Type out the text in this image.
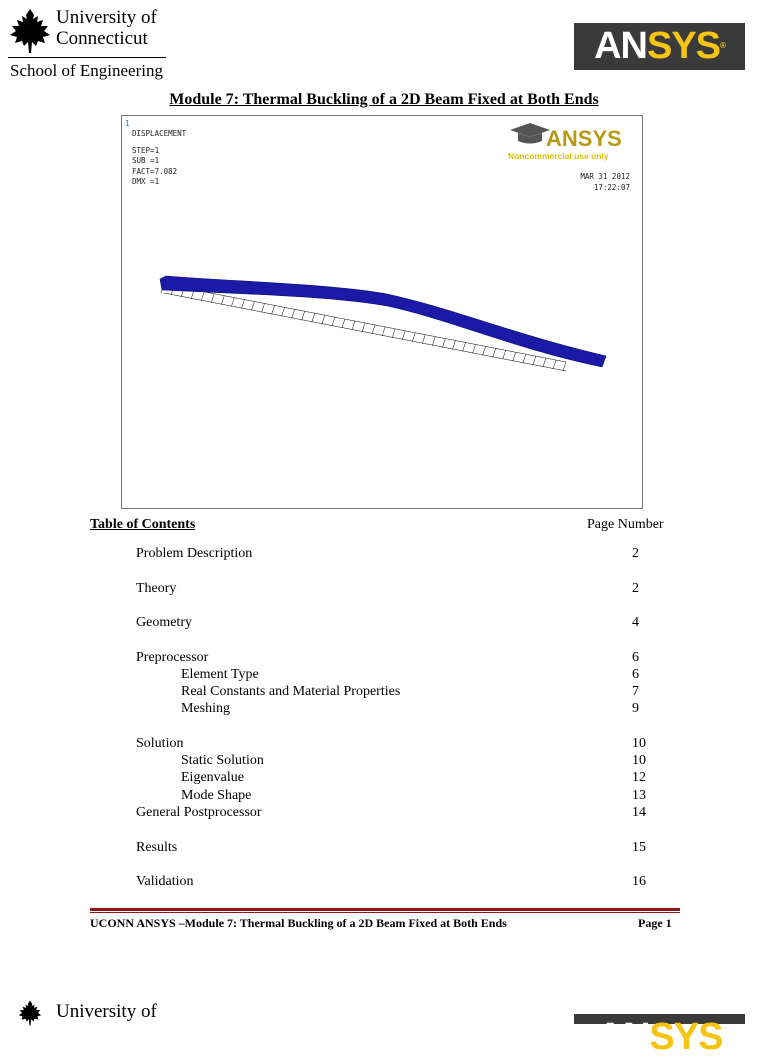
University of
Connecticut
School of Engineering
ANSYS®
Module 7: Thermal Buckling of a 2D Beam Fixed at Both Ends
1
DISPLACEMENT
STEP=1
SUB =1
FACT=7.082
DMX =1
ANSYS
Noncommercial use only
MAR 31 2012
17:22:07
Table of Contents	Page Number
Problem Description	2
Theory	2
Geometry	4
Preprocessor	6
Element Type	6
Real Constants and Material Properties	7
Meshing	9
Solution	10
Static Solution	10
Eigenvalue	12
Mode Shape	13
General Postprocessor	14
Results	15
Validation	16
UCONN ANSYS –Module 7: Thermal Buckling of a 2D Beam Fixed at Both Ends	Page 1
University of
ANSYS
